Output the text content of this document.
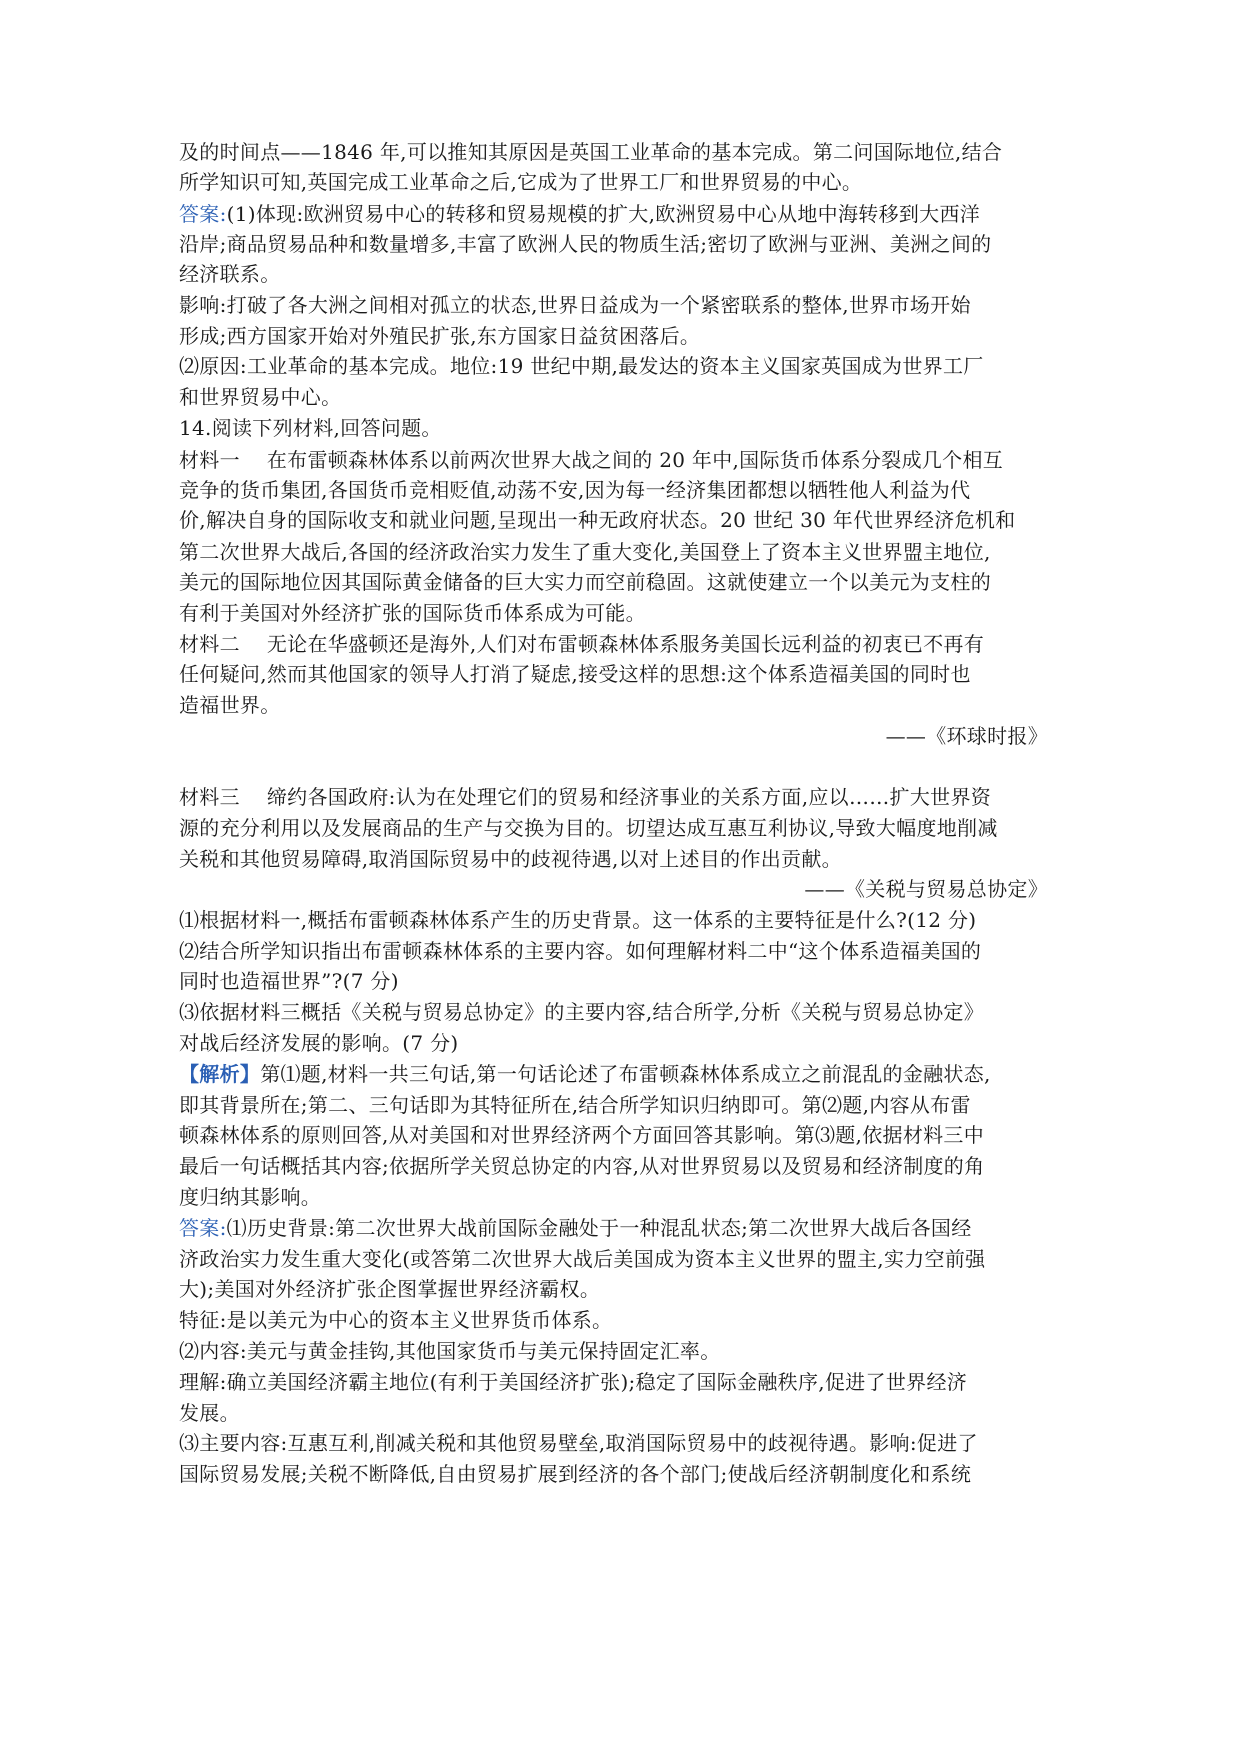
及的时间点——1846 年,可以推知其原因是英国工业革命的基本完成。第二问国际地位,结合
所学知识可知,英国完成工业革命之后,它成为了世界工厂和世界贸易的中心。
答案:(1)体现:欧洲贸易中心的转移和贸易规模的扩大,欧洲贸易中心从地中海转移到大西洋
沿岸;商品贸易品种和数量增多,丰富了欧洲人民的物质生活;密切了欧洲与亚洲、美洲之间的
经济联系。
影响:打破了各大洲之间相对孤立的状态,世界日益成为一个紧密联系的整体,世界市场开始
形成;西方国家开始对外殖民扩张,东方国家日益贫困落后。
⑵原因:工业革命的基本完成。地位:19 世纪中期,最发达的资本主义国家英国成为世界工厂
和世界贸易中心。
14.阅读下列材料,回答问题。
材料一　 在布雷顿森林体系以前两次世界大战之间的 20 年中,国际货币体系分裂成几个相互
竞争的货币集团,各国货币竞相贬值,动荡不安,因为每一经济集团都想以牺牲他人利益为代
价,解决自身的国际收支和就业问题,呈现出一种无政府状态。20 世纪 30 年代世界经济危机和
第二次世界大战后,各国的经济政治实力发生了重大变化,美国登上了资本主义世界盟主地位,
美元的国际地位因其国际黄金储备的巨大实力而空前稳固。这就使建立一个以美元为支柱的
有利于美国对外经济扩张的国际货币体系成为可能。
材料二　 无论在华盛顿还是海外,人们对布雷顿森林体系服务美国长远利益的初衷已不再有
任何疑问,然而其他国家的领导人打消了疑虑,接受这样的思想:这个体系造福美国的同时也
造福世界。
——《环球时报》
材料三　 缔约各国政府:认为在处理它们的贸易和经济事业的关系方面,应以……扩大世界资
源的充分利用以及发展商品的生产与交换为目的。切望达成互惠互利协议,导致大幅度地削减
关税和其他贸易障碍,取消国际贸易中的歧视待遇,以对上述目的作出贡献。
——《关税与贸易总协定》
⑴根据材料一,概括布雷顿森林体系产生的历史背景。这一体系的主要特征是什么?(12 分)
⑵结合所学知识指出布雷顿森林体系的主要内容。如何理解材料二中“这个体系造福美国的
同时也造福世界”?(7 分)
⑶依据材料三概括《关税与贸易总协定》的主要内容,结合所学,分析《关税与贸易总协定》
对战后经济发展的影响。(7 分)
【解析】第⑴题,材料一共三句话,第一句话论述了布雷顿森林体系成立之前混乱的金融状态,
即其背景所在;第二、三句话即为其特征所在,结合所学知识归纳即可。第⑵题,内容从布雷
顿森林体系的原则回答,从对美国和对世界经济两个方面回答其影响。第⑶题,依据材料三中
最后一句话概括其内容;依据所学关贸总协定的内容,从对世界贸易以及贸易和经济制度的角
度归纳其影响。
答案:⑴历史背景:第二次世界大战前国际金融处于一种混乱状态;第二次世界大战后各国经
济政治实力发生重大变化(或答第二次世界大战后美国成为资本主义世界的盟主,实力空前强
大);美国对外经济扩张企图掌握世界经济霸权。
特征:是以美元为中心的资本主义世界货币体系。
⑵内容:美元与黄金挂钩,其他国家货币与美元保持固定汇率。
理解:确立美国经济霸主地位(有利于美国经济扩张);稳定了国际金融秩序,促进了世界经济
发展。
⑶主要内容:互惠互利,削减关税和其他贸易壁垒,取消国际贸易中的歧视待遇。影响:促进了
国际贸易发展;关税不断降低,自由贸易扩展到经济的各个部门;使战后经济朝制度化和系统
